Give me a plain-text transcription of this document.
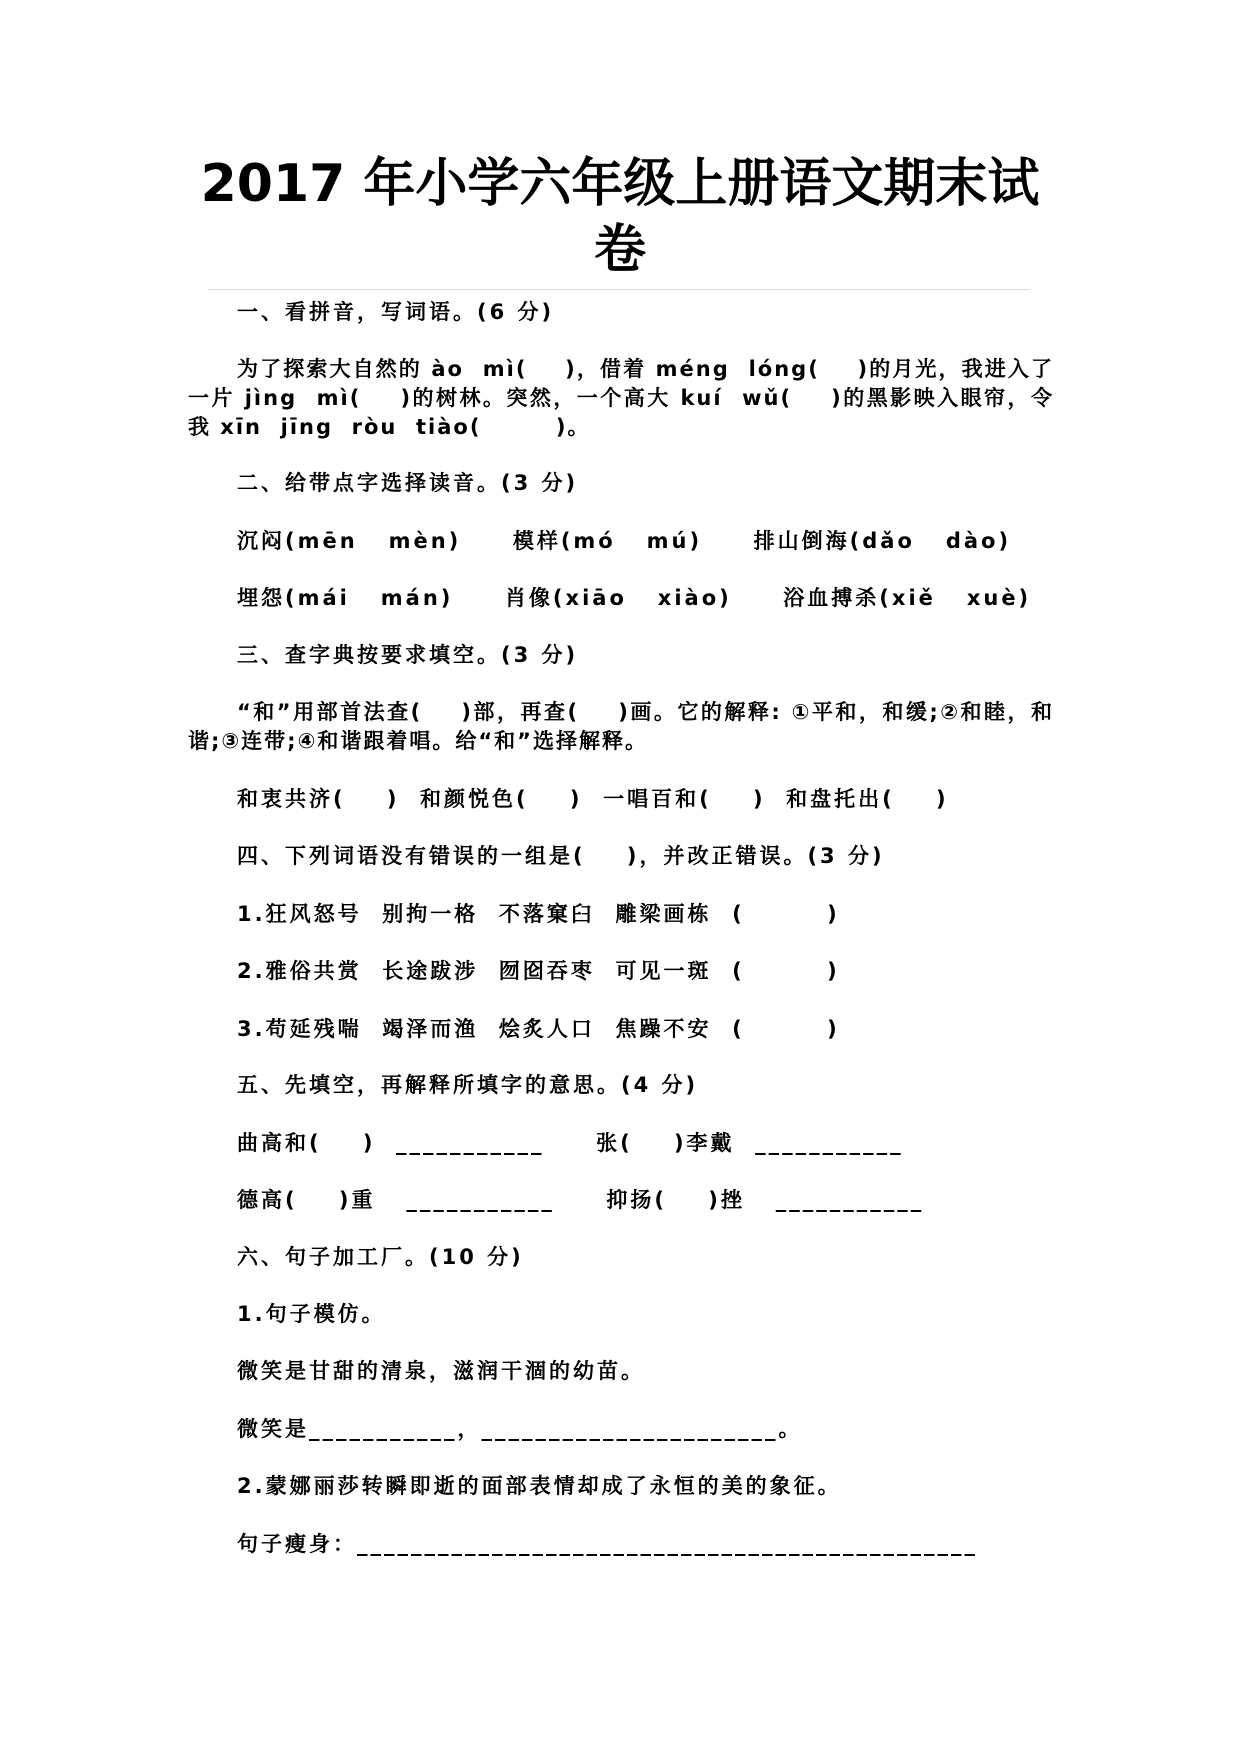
2017 年小学六年级上册语文期末试
卷
一、看拼音，写词语。(6 分)
为了探索大自然的 ào  mì(    )，借着 méng  lóng(    )的月光，我进入了一片 jìng  mì(    )的树林。突然，一个高大 kuí  wǔ(    )的黑影映入眼帘，令我 xīn  jīng  ròu  tiào(        )。
二、给带点字选择读音。(3 分)
沉闷(mēn   mèn)     模样(mó   mú)     排山倒海(dǎo   dào)
埋怨(mái   mán)     肖像(xiāo   xiào)     浴血搏杀(xiě   xuè)
三、查字典按要求填空。(3 分)
“和”用部首法查(    )部，再查(    )画。它的解释: ①平和，和缓;②和睦，和谐;③连带;④和谐跟着唱。给“和”选择解释。
和衷共济(    )  和颜悦色(    )  一唱百和(    )  和盘托出(    )
四、下列词语没有错误的一组是(    )，并改正错误。(3 分)
1.狂风怒号  别拘一格  不落窠臼  雕梁画栋  (        )
2.雅俗共赏  长途跋涉  囫囵吞枣  可见一斑  (        )
3.苟延残喘  竭泽而渔  烩炙人口  焦躁不安  (        )
五、先填空，再解释所填字的意思。(4 分)
曲高和(    )  ___________     张(    )李戴  ___________
德高(    )重   ___________     抑扬(    )挫   ___________
六、句子加工厂。(10 分)
1.句子模仿。
微笑是甘甜的清泉，滋润干涸的幼苗。
微笑是___________，______________________。
2.蒙娜丽莎转瞬即逝的面部表情却成了永恒的美的象征。
句子瘦身：______________________________________________
